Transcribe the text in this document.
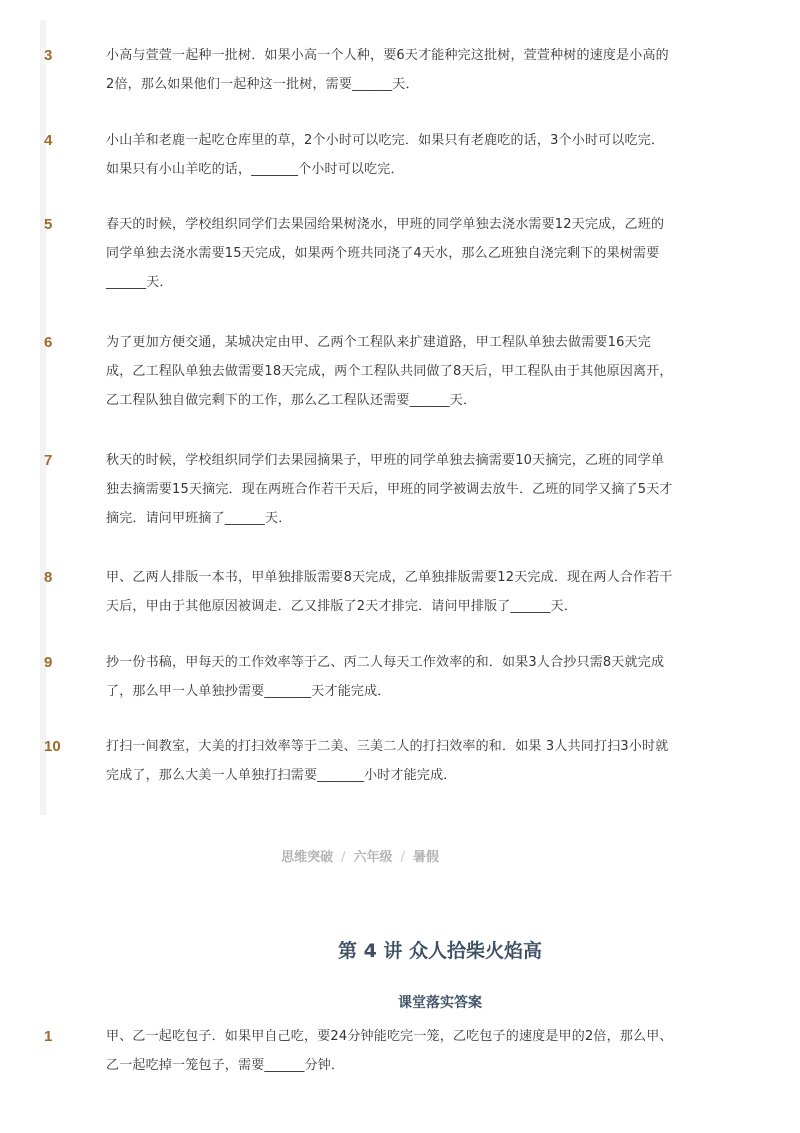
3	小高与萱萱一起种一批树．如果小高一个人种，要6天才能种完这批树，萱萱种树的速度是小高的
2倍，那么如果他们一起种这一批树，需要______天．
4	小山羊和老鹿一起吃仓库里的草，2个小时可以吃完．如果只有老鹿吃的话，3个小时可以吃完．
如果只有小山羊吃的话，_______个小时可以吃完．
5	春天的时候，学校组织同学们去果园给果树浇水，甲班的同学单独去浇水需要12天完成，乙班的
同学单独去浇水需要15天完成，如果两个班共同浇了4天水，那么乙班独自浇完剩下的果树需要
______天．
6	为了更加方便交通，某城决定由甲、乙两个工程队来扩建道路，甲工程队单独去做需要16天完
成，乙工程队单独去做需要18天完成，两个工程队共同做了8天后，甲工程队由于其他原因离开，
乙工程队独自做完剩下的工作，那么乙工程队还需要______天．
7	秋天的时候，学校组织同学们去果园摘果子，甲班的同学单独去摘需要10天摘完，乙班的同学单
独去摘需要15天摘完．现在两班合作若干天后，甲班的同学被调去放牛．乙班的同学又摘了5天才
摘完．请问甲班摘了______天．
8	甲、乙两人排版一本书，甲单独排版需要8天完成，乙单独排版需要12天完成．现在两人合作若干
天后，甲由于其他原因被调走．乙又排版了2天才排完．请问甲排版了______天．
9	抄一份书稿，甲每天的工作效率等于乙、丙二人每天工作效率的和．如果3人合抄只需8天就完成
了，那么甲一人单独抄需要_______天才能完成．
10	打扫一间教室，大美的打扫效率等于二美、三美二人的打扫效率的和．如果 3人共同打扫3小时就
完成了，那么大美一人单独打扫需要_______小时才能完成．
思维突破 / 六年级 / 暑假
第 4 讲 众人拾柴火焰高
课堂落实答案
1	甲、乙一起吃包子．如果甲自己吃，要24分钟能吃完一笼，乙吃包子的速度是甲的2倍，那么甲、
乙一起吃掉一笼包子，需要______分钟．
